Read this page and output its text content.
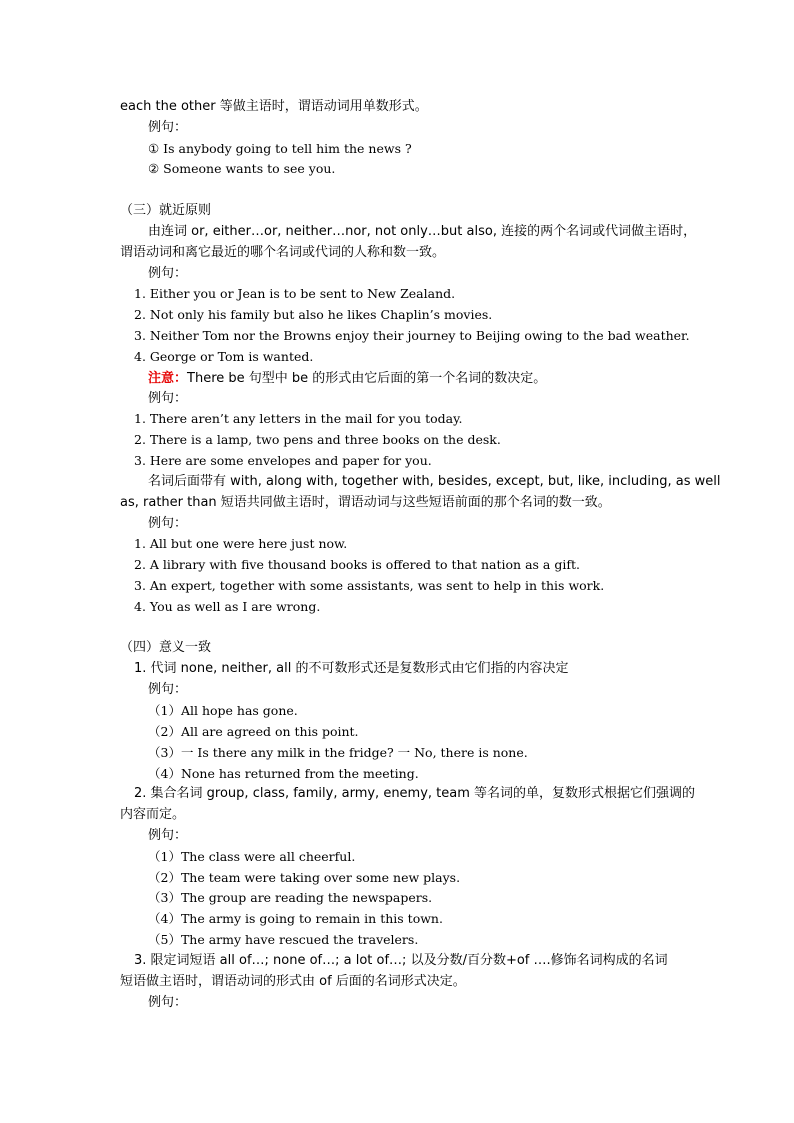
each the other 等做主语时，谓语动词用单数形式。
例句：
① Is anybody going to tell him the news ?
② Someone wants to see you.
（三）就近原则
由连词 or, either…or, neither…nor, not only…but also, 连接的两个名词或代词做主语时，
谓语动词和离它最近的哪个名词或代词的人称和数一致。
例句：
1. Either you or Jean is to be sent to New Zealand.
2. Not only his family but also he likes Chaplin’s movies.
3. Neither Tom nor the Browns enjoy their journey to Beijing owing to the bad weather.
4. George or Tom is wanted.
注意：There be 句型中 be 的形式由它后面的第一个名词的数决定。
例句：
1. There aren’t any letters in the mail for you today.
2. There is a lamp, two pens and three books on the desk.
3. Here are some envelopes and paper for you.
名词后面带有 with, along with, together with, besides, except, but, like, including, as well
as, rather than 短语共同做主语时，谓语动词与这些短语前面的那个名词的数一致。
例句：
1. All but one were here just now.
2. A library with five thousand books is offered to that nation as a gift.
3. An expert, together with some assistants, was sent to help in this work.
4. You as well as I are wrong.
（四）意义一致
1. 代词 none, neither, all 的不可数形式还是复数形式由它们指的内容决定
例句：
（1）All hope has gone.
（2）All are agreed on this point.
（3）一 Is there any milk in the fridge? 一 No, there is none.
（4）None has returned from the meeting.
2. 集合名词 group, class, family, army, enemy, team 等名词的单，复数形式根据它们强调的
内容而定。
例句：
（1）The class were all cheerful.
（2）The team were taking over some new plays.
（3）The group are reading the newspapers.
（4）The army is going to remain in this town.
（5）The army have rescued the travelers.
3. 限定词短语 all of…; none of…; a lot of…; 以及分数/百分数+of ….修饰名词构成的名词
短语做主语时，谓语动词的形式由 of 后面的名词形式决定。
例句：
